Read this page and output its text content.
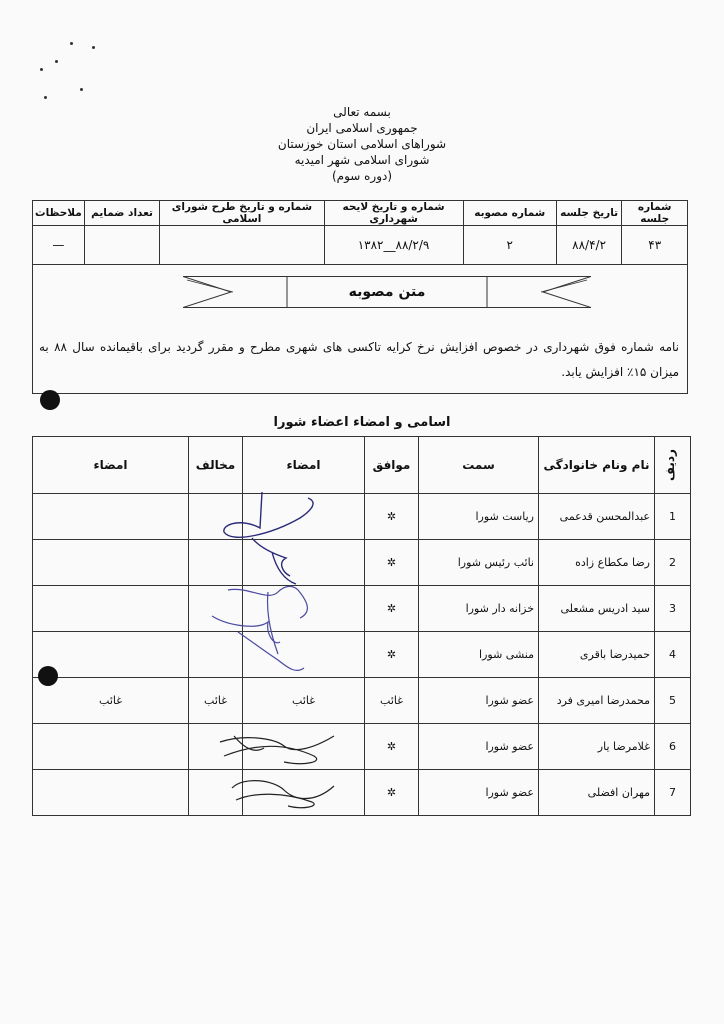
بسمه تعالی
جمهوری اسلامی ایران
شوراهای اسلامی استان خوزستان
شورای اسلامی شهر امیدیه
(دوره سوم)
شماره جلسه	تاریخ جلسه	شماره مصوبه	شماره و تاریخ لایحه شهرداری	شماره و تاریخ طرح شورای اسلامی	تعداد ضمایم	ملاحظات
۴۳	۸۸/۴/۲	۲	۸۸/۲/۹__۱۳۸۲			—
متن مصوبه
نامه شماره فوق شهرداری در خصوص افزایش نرخ کرایه تاکسی های شهری مطرح و مقرر گردید برای باقیمانده سال ۸۸ به میزان ۱۵٪ افزایش یابد.
اسامی و امضاء اعضاء شورا
ردیف	نام ونام خانوادگی	سمت	موافق	امضاء	مخالف	امضاء
1	عبدالمحسن قدعمی	ریاست شورا	✲			
2	رضا مکطاع زاده	نائب رئیس شورا	✲			
3	سید ادریس مشعلی	خزانه دار شورا	✲			
4	حمیدرضا باقری	منشی شورا	✲			
5	محمدرضا امیری فرد	عضو شورا	غائب	غائب	غائب	غائب
6	غلامرضا یار	عضو شورا	✲			
7	مهران افضلی	عضو شورا	✲			
